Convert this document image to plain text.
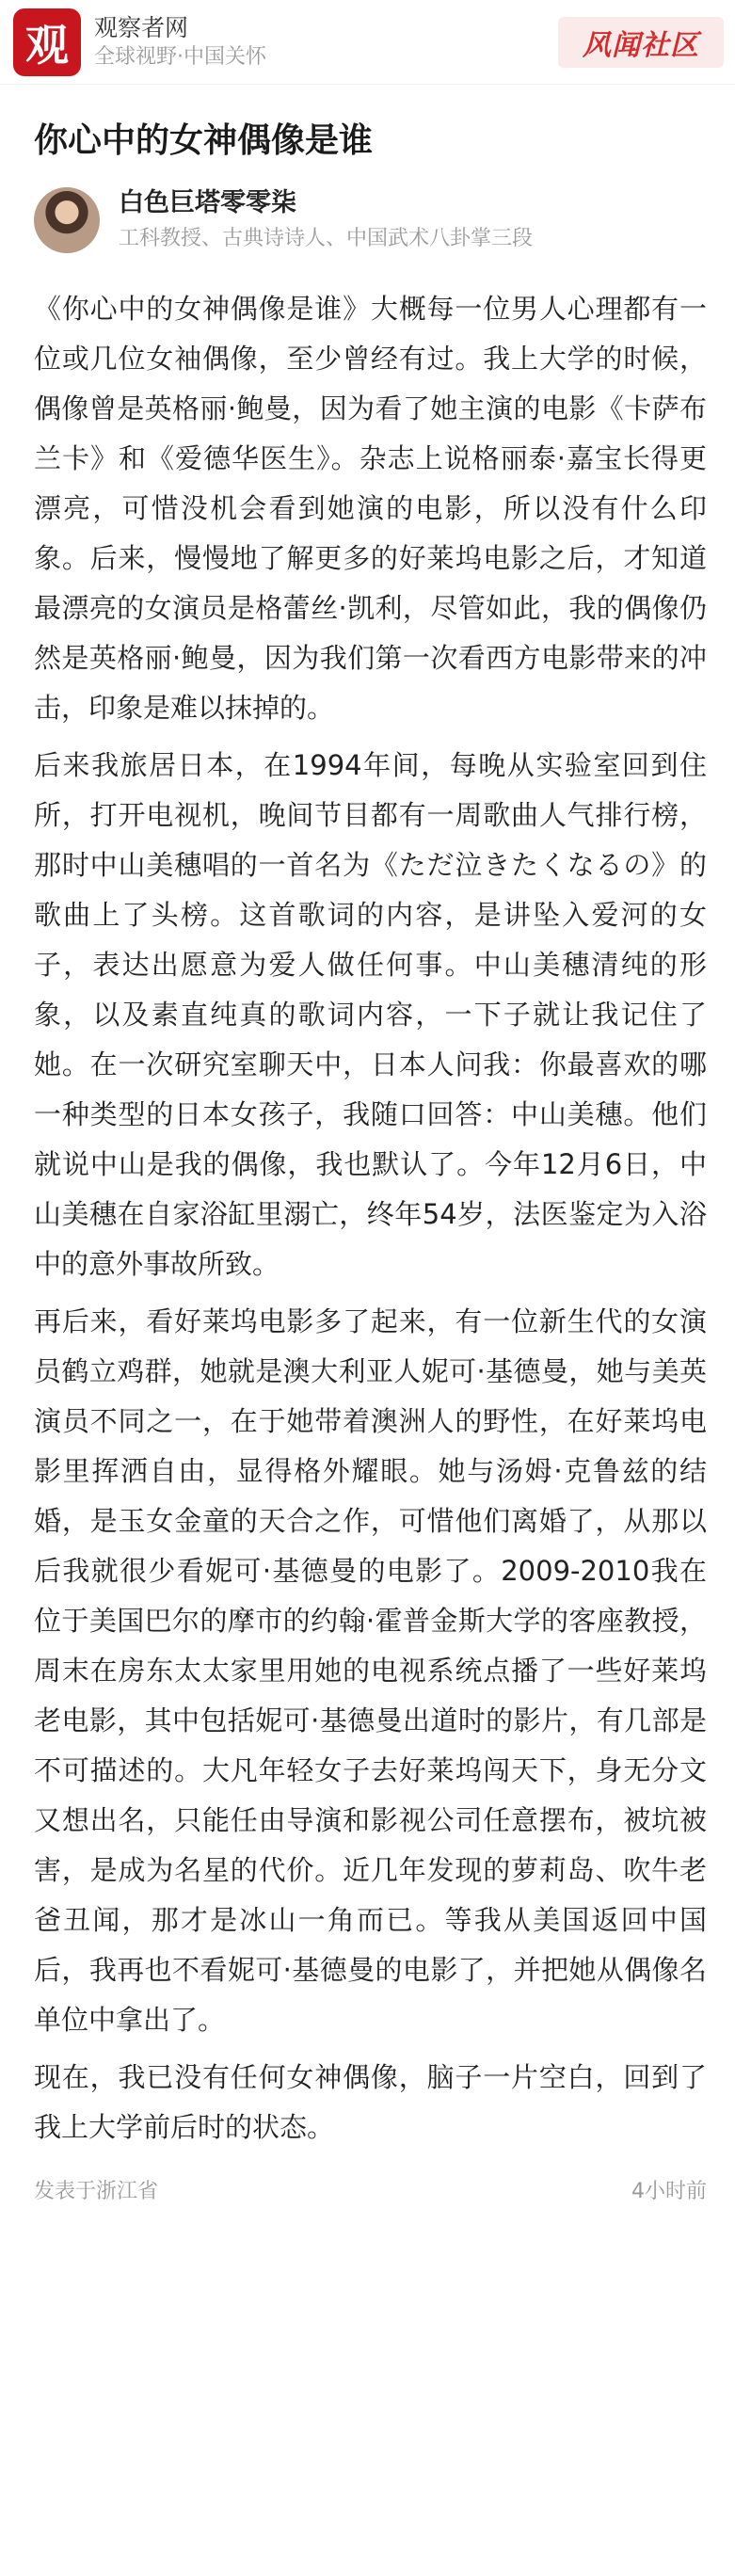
观 观察者网
全球视野·中国关怀	风闻社区
你心中的女神偶像是谁
白色巨塔零零柒
工科教授、古典诗诗人、中国武术八卦掌三段

《你心中的女神偶像是谁》大概每一位男人心理都有一位或几位女袖偶像，至少曾经有过。我上大学的时候，偶像曾是英格丽·鲍曼，因为看了她主演的电影《卡萨布兰卡》和《爱德华医生》。杂志上说格丽泰·嘉宝长得更漂亮，可惜没机会看到她演的电影，所以没有什么印象。后来，慢慢地了解更多的好莱坞电影之后，才知道最漂亮的女演员是格蕾丝·凯利，尽管如此，我的偶像仍然是英格丽·鲍曼，因为我们第一次看西方电影带来的冲击，印象是难以抹掉的。

后来我旅居日本，在1994年间，每晚从实验室回到住所，打开电视机，晚间节目都有一周歌曲人气排行榜，那时中山美穗唱的一首名为《ただ泣きたくなるの》的歌曲上了头榜。这首歌词的内容，是讲坠入爱河的女子，表达出愿意为爱人做任何事。中山美穗清纯的形象，以及素直纯真的歌词内容，一下子就让我记住了她。在一次研究室聊天中，日本人问我：你最喜欢的哪一种类型的日本女孩子，我随口回答：中山美穗。他们就说中山是我的偶像，我也默认了。今年12月6日，中山美穗在自家浴缸里溺亡，终年54岁，法医鉴定为入浴中的意外事故所致。

再后来，看好莱坞电影多了起来，有一位新生代的女演员鹤立鸡群，她就是澳大利亚人妮可·基德曼，她与美英演员不同之一，在于她带着澳洲人的野性，在好莱坞电影里挥洒自由，显得格外耀眼。她与汤姆·克鲁兹的结婚，是玉女金童的天合之作，可惜他们离婚了，从那以后我就很少看妮可·基德曼的电影了。2009-2010我在位于美国巴尔的摩市的约翰·霍普金斯大学的客座教授，周末在房东太太家里用她的电视系统点播了一些好莱坞老电影，其中包括妮可·基德曼出道时的影片，有几部是不可描述的。大凡年轻女子去好莱坞闯天下，身无分文又想出名，只能任由导演和影视公司任意摆布，被坑被害，是成为名星的代价。近几年发现的萝莉岛、吹牛老爸丑闻，那才是冰山一角而已。等我从美国返回中国后，我再也不看妮可·基德曼的电影了，并把她从偶像名单位中拿出了。

现在，我已没有任何女神偶像，脑子一片空白，回到了我上大学前后时的状态。

发表于浙江省	4小时前
